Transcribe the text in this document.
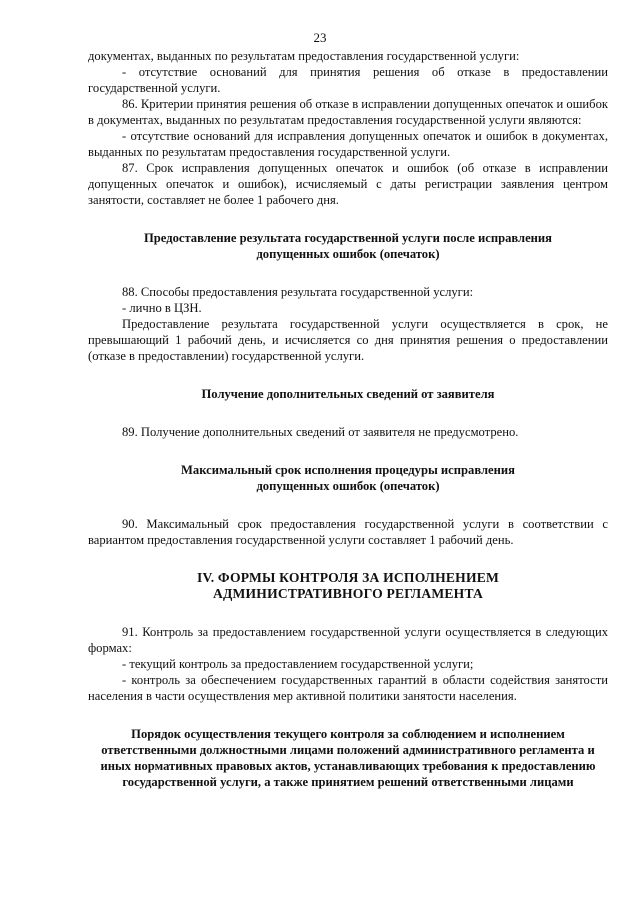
23

документах, выданных по результатам предоставления государственной услуги:

- отсутствие оснований для принятия решения об отказе в предоставлении государственной услуги.

86. Критерии принятия решения об отказе в исправлении допущенных опечаток и ошибок в документах, выданных по результатам предоставления государственной услуги являются:

- отсутствие оснований для исправления допущенных опечаток и ошибок в документах, выданных по результатам предоставления государственной услуги.

87. Срок исправления допущенных опечаток и ошибок (об отказе в исправлении допущенных опечаток и ошибок), исчисляемый с даты регистрации заявления центром занятости, составляет не более 1 рабочего дня.

Предоставление результата государственной услуги после исправления

допущенных ошибок (опечаток)

88. Способы предоставления результата государственной услуги:

- лично в ЦЗН.

Предоставление результата государственной услуги осуществляется в срок, не превышающий 1 рабочий день, и исчисляется со дня принятия решения о предоставлении (отказе в предоставлении) государственной услуги.

Получение дополнительных сведений от заявителя

89. Получение дополнительных сведений от заявителя не предусмотрено.

Максимальный срок исполнения процедуры исправления

допущенных ошибок (опечаток)

90. Максимальный срок предоставления государственной услуги в соответствии с вариантом предоставления государственной услуги составляет 1 рабочий день.

IV. ФОРМЫ КОНТРОЛЯ ЗА ИСПОЛНЕНИЕМ

АДМИНИСТРАТИВНОГО РЕГЛАМЕНТА

91. Контроль за предоставлением государственной услуги осуществляется в следующих формах:

- текущий контроль за предоставлением государственной услуги;

- контроль за обеспечением государственных гарантий в области содействия занятости населения в части осуществления мер активной политики занятости населения.

Порядок осуществления текущего контроля за соблюдением и исполнением ответственными должностными лицами положений административного регламента и иных нормативных правовых актов, устанавливающих требования к предоставлению государственной услуги, а также принятием решений ответственными лицами
